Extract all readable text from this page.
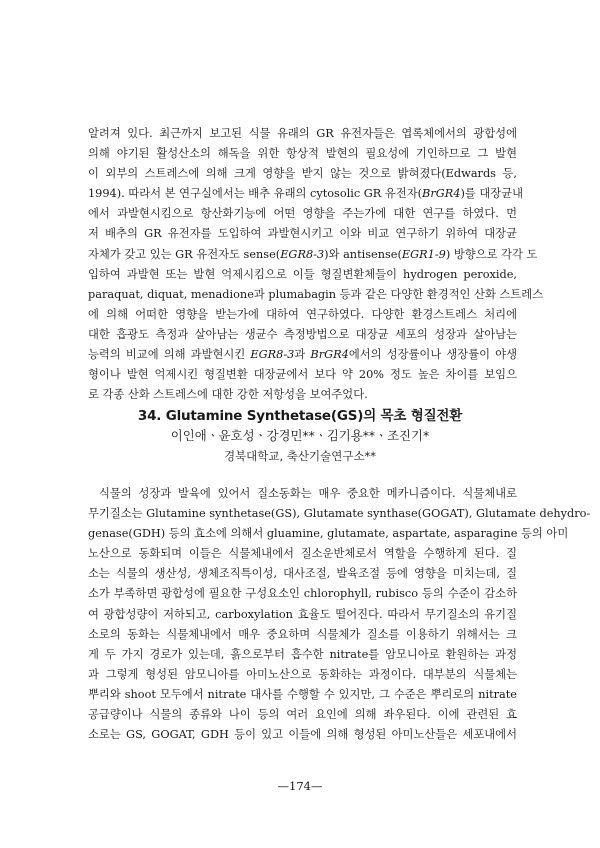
알려져 있다. 최근까지 보고된 식물 유래의 GR 유전자들은 엽록체에서의 광합성에

의해 야기된 활성산소의 해독을 위한 항상적 발현의 필요성에 기인하므로 그 발현

이 외부의 스트레스에 의해 크게 영향을 받지 않는 것으로 밝혀졌다(Edwards 등,

1994). 따라서 본 연구실에서는 배추 유래의 cytosolic GR 유전자(BrGR4)를 대장균내

에서 과발현시킴으로 항산화기능에 어떤 영향을 주는가에 대한 연구를 하였다. 먼

저 배추의 GR 유전자를 도입하여 과발현시키고 이와 비교 연구하기 위하여 대장균

자체가 갖고 있는 GR 유전자도 sense(EGR8-3)와 antisense(EGR1-9) 방향으로 각각 도

입하여 과발현 또는 발현 억제시킴으로 이들 형질변환체들이 hydrogen peroxide,

paraquat, diquat, menadione과 plumabagin 등과 같은 다양한 환경적인 산화 스트레스

에 의해 어떠한 영향을 받는가에 대하여 연구하였다. 다양한 환경스트레스 처리에

대한 흡광도 측정과 살아남는 생균수 측정방법으로 대장균 세포의 성장과 살아남는

능력의 비교에 의해 과발현시킨 EGR8-3과 BrGR4에서의 성장률이나 생장률이 야생

형이나 발현 억제시킨 형질변환 대장균에서 보다 약 20% 정도 높은 차이를 보임으

로 각종 산화 스트레스에 대한 강한 저항성을 보여주었다.

34. Glutamine Synthetase(GS)의 목초 형질전환
이인애ㆍ윤호성ㆍ강경민**ㆍ김기용**ㆍ조진기*
경북대학교, 축산기술연구소**

식물의 성장과 발육에 있어서 질소동화는 매우 중요한 메카니즘이다. 식물체내로

무기질소는 Glutamine synthetase(GS), Glutamate synthase(GOGAT), Glutamate dehydro-

genase(GDH) 등의 효소에 의해서 gluamine, glutamate, aspartate, asparagine 등의 아미

노산으로 동화되며 이들은 식물체내에서 질소운반체로서 역할을 수행하게 된다. 질

소는 식물의 생산성, 생체조직특이성, 대사조절, 발육조절 등에 영향을 미치는데, 질

소가 부족하면 광합성에 필요한 구성요소인 chlorophyll, rubisco 등의 수준이 감소하

여 광합성량이 저하되고, carboxylation 효율도 떨어진다. 따라서 무기질소의 유기질

소로의 동화는 식물체내에서 매우 중요하며 식물체가 질소를 이용하기 위해서는 크

게 두 가지 경로가 있는데, 흙으로부터 흡수한 nitrate를 암모니아로 환원하는 과정

과 그렇게 형성된 암모니아를 아미노산으로 동화하는 과정이다. 대부분의 식물체는

뿌리와 shoot 모두에서 nitrate 대사를 수행할 수 있지만, 그 수준은 뿌리로의 nitrate

공급량이나 식물의 종류와 나이 등의 여러 요인에 의해 좌우된다. 이에 관련된 효

소로는 GS, GOGAT, GDH 등이 있고 이들에 의해 형성된 아미노산들은 세포내에서

—174—
